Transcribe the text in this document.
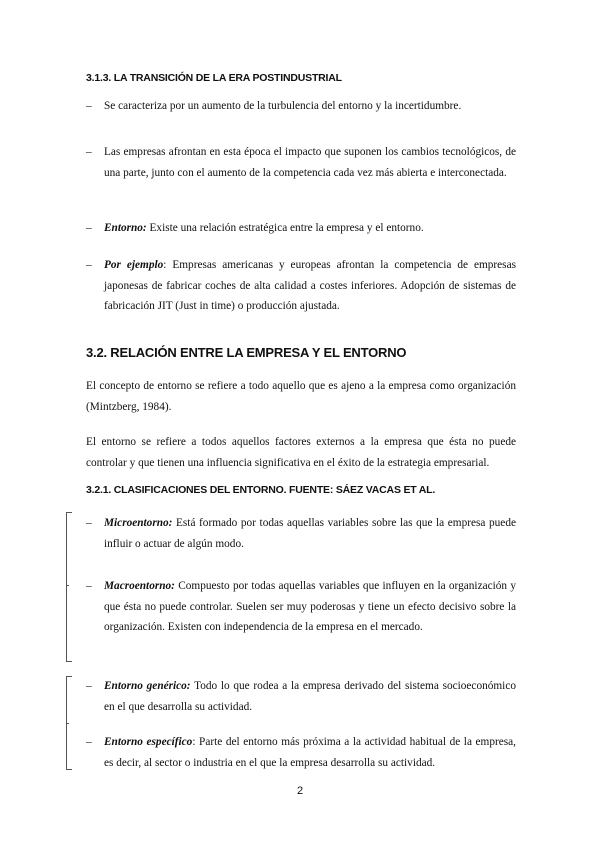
3.1.3. LA TRANSICIÓN DE LA ERA POSTINDUSTRIAL
–	Se caracteriza por un aumento de la turbulencia del entorno y la incertidumbre.
–	Las empresas afrontan en esta época el impacto que suponen los cambios tecnológicos, de una parte, junto con el aumento de la competencia cada vez más abierta e interconectada.
–	Entorno: Existe una relación estratégica entre la empresa y el entorno.
–	Por ejemplo: Empresas americanas y europeas afrontan la competencia de empresas japonesas de fabricar coches de alta calidad a costes inferiores. Adopción de sistemas de fabricación JIT (Just in time) o producción ajustada.
3.2. RELACIÓN ENTRE LA EMPRESA Y EL ENTORNO
El concepto de entorno se refiere a todo aquello que es ajeno a la empresa como organización (Mintzberg, 1984).
El entorno se refiere a todos aquellos factores externos a la empresa que ésta no puede controlar y que tienen una influencia significativa en el éxito de la estrategia empresarial.
3.2.1. CLASIFICACIONES DEL ENTORNO. FUENTE: SÁEZ VACAS ET AL.
–	Microentorno: Está formado por todas aquellas variables sobre las que la empresa puede influir o actuar de algún modo.
–	Macroentorno: Compuesto por todas aquellas variables que influyen en la organización y que ésta no puede controlar. Suelen ser muy poderosas y tiene un efecto decisivo sobre la organización. Existen con independencia de la empresa en el mercado.
–	Entorno genérico: Todo lo que rodea a la empresa derivado del sistema socioeconómico en el que desarrolla su actividad.
–	Entorno específico: Parte del entorno más próxima a la actividad habitual de la empresa, es decir, al sector o industria en el que la empresa desarrolla su actividad.
2
